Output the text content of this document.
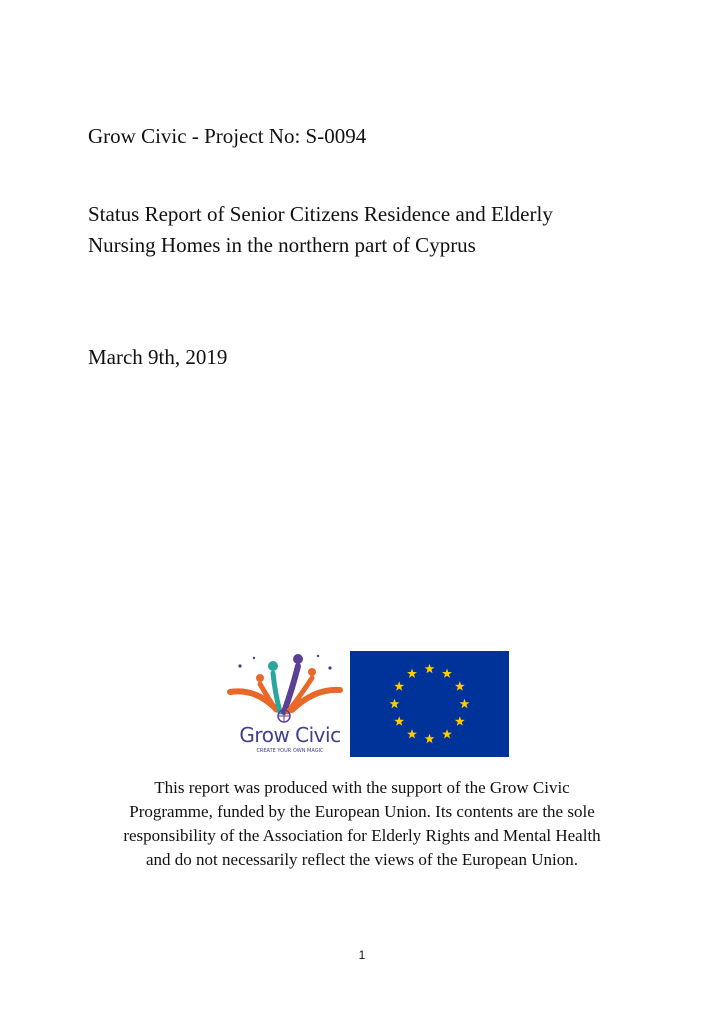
Grow Civic - Project No: S-0094
Status Report of Senior Citizens Residence and Elderly
Nursing Homes in the northern part of Cyprus
March 9th, 2019
Grow Civic
CREATE YOUR OWN MAGIC
This report was produced with the support of the Grow Civic
Programme, funded by the European Union. Its contents are the sole
responsibility of the Association for Elderly Rights and Mental Health
and do not necessarily reflect the views of the European Union.
1
